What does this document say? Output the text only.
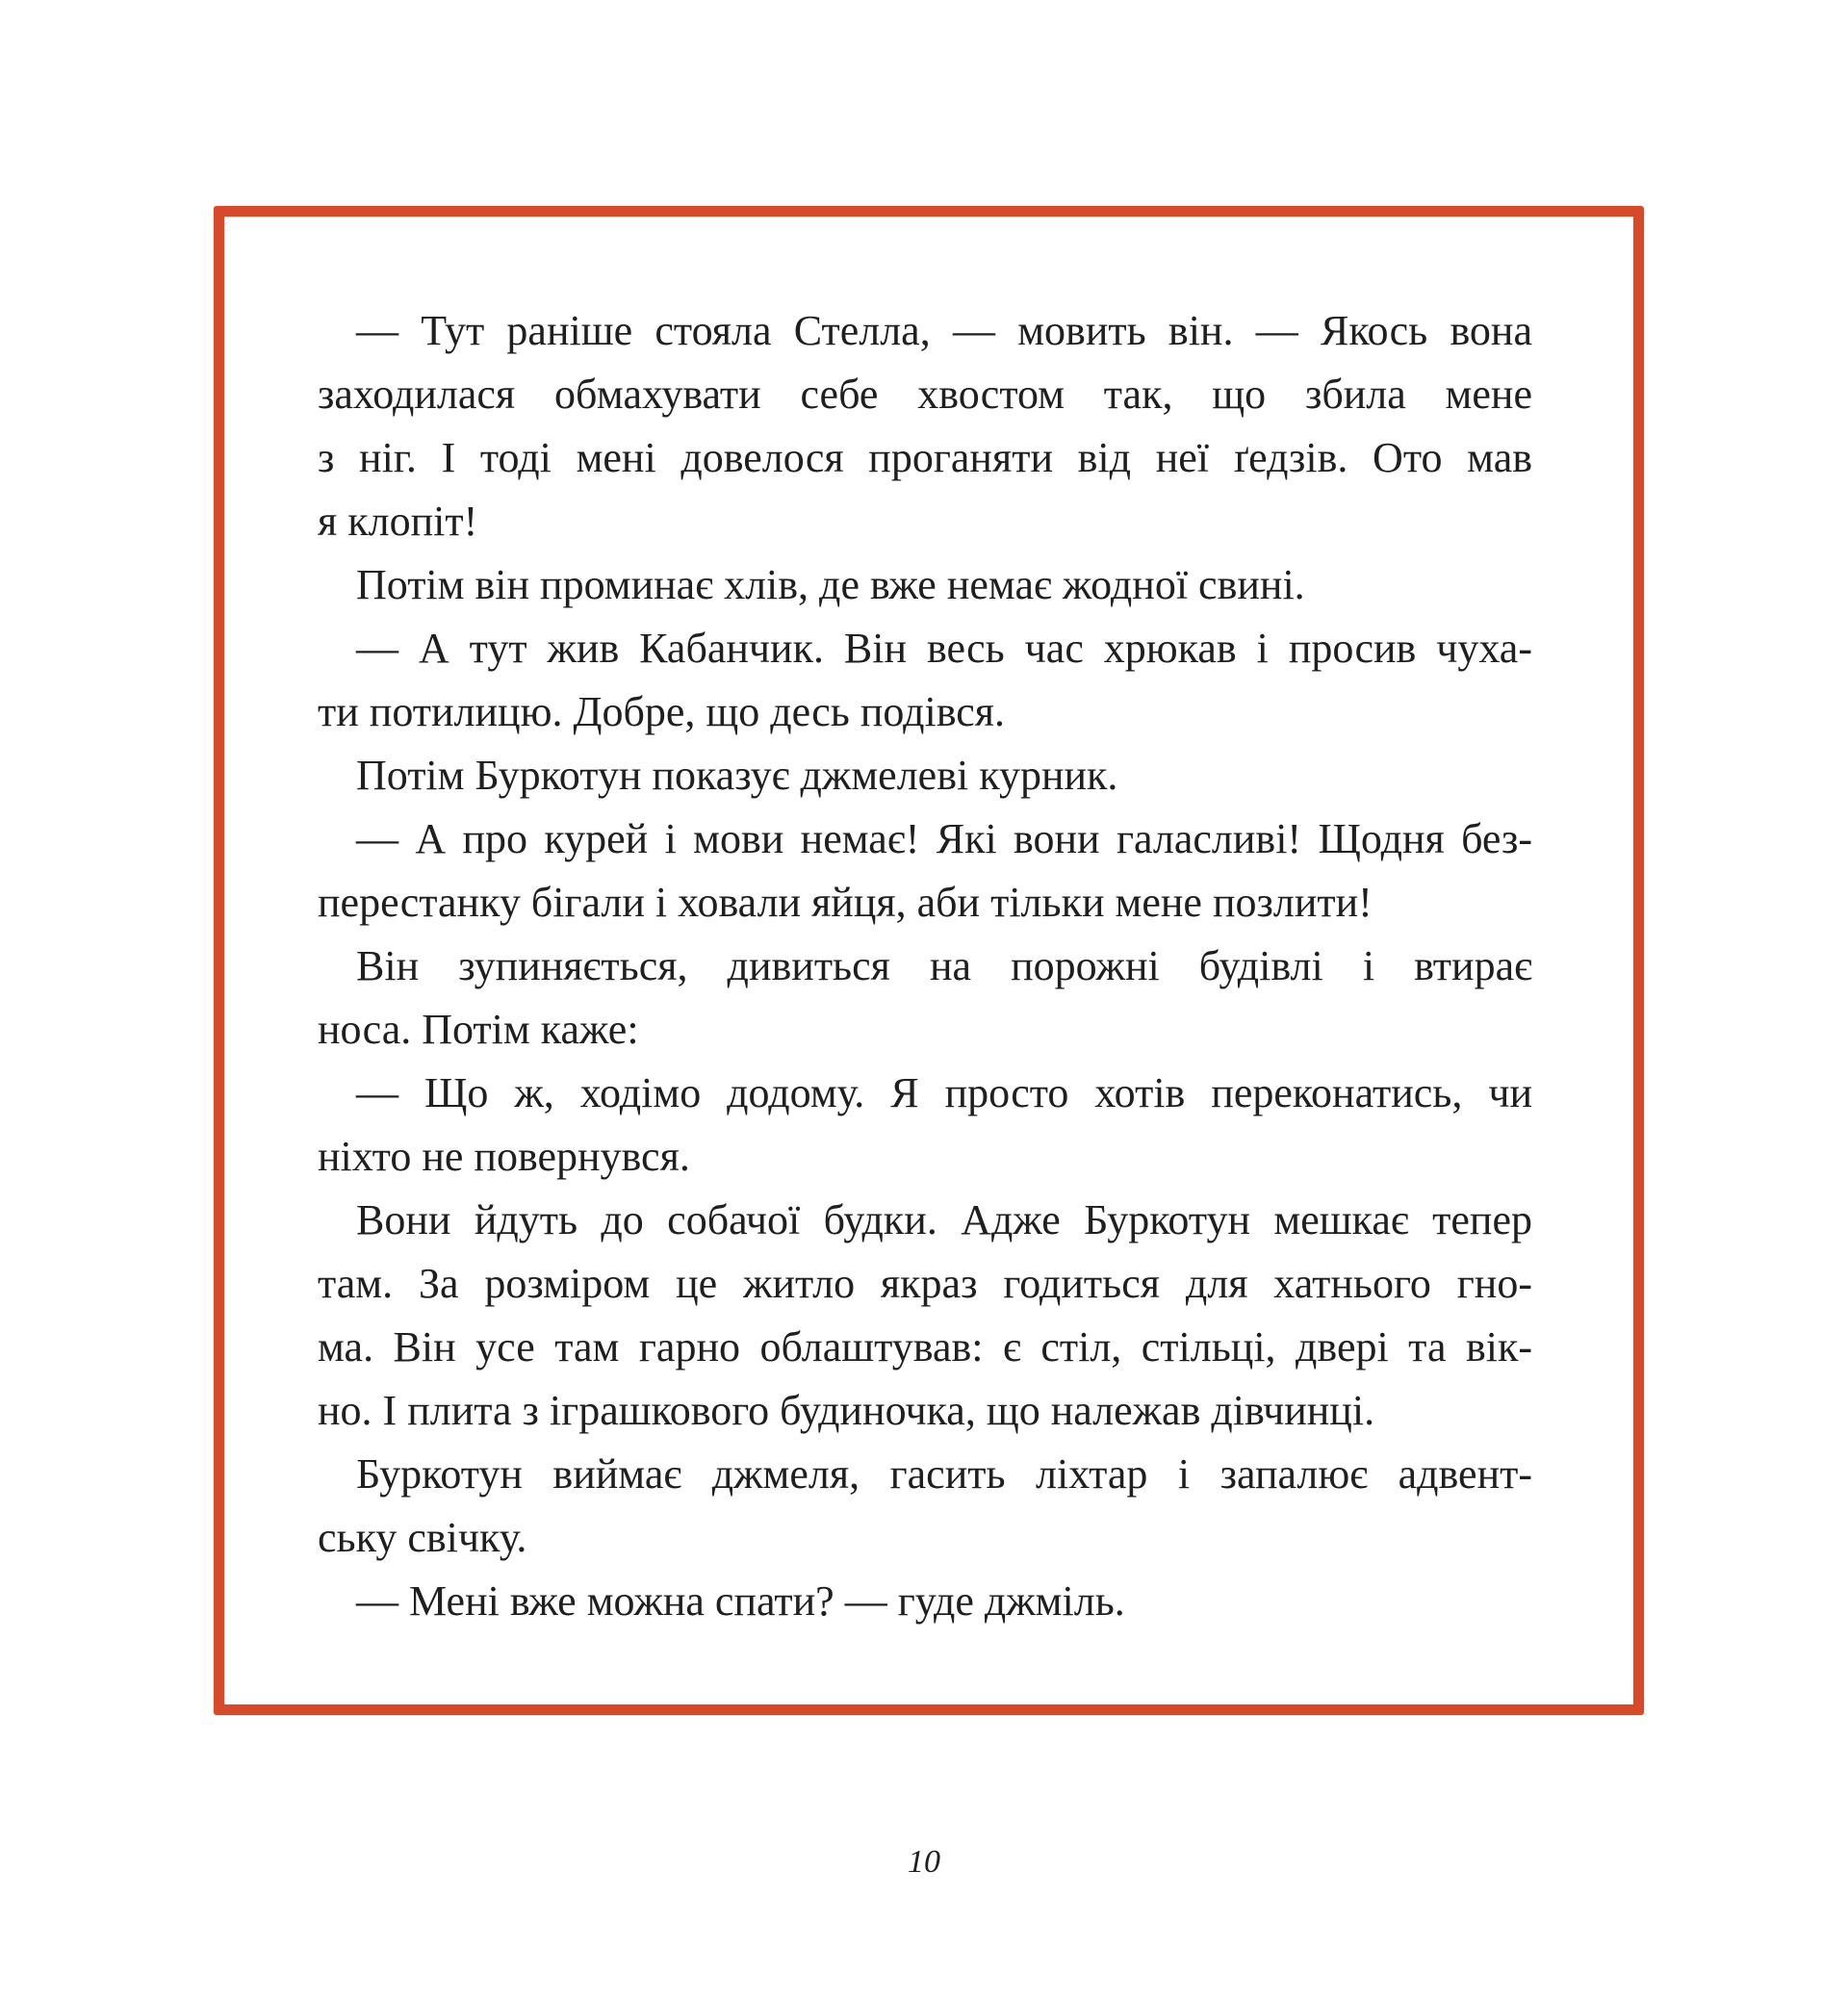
— Тут раніше стояла Стелла, — мовить він. — Якось вона
заходилася обмахувати себе хвостом так, що збила мене
з ніг. І тоді мені довелося проганяти від неї ґедзів. Ото мав
я клопіт!
Потім він проминає хлів, де вже немає жодної свині.
— А тут жив Кабанчик. Він весь час хрюкав і просив чуха-
ти потилицю. Добре, що десь подівся.
Потім Буркотун показує джмелеві курник.
— А про курей і мови немає! Які вони галасливі! Щодня без-
перестанку бігали і ховали яйця, аби тільки мене позлити!
Він зупиняється, дивиться на порожні будівлі і втирає
носа. Потім каже:
— Що ж, ходімо додому. Я просто хотів переконатись, чи
ніхто не повернувся.
Вони йдуть до собачої будки. Адже Буркотун мешкає тепер
там. За розміром це житло якраз годиться для хатнього гно-
ма. Він усе там гарно облаштував: є стіл, стільці, двері та вік-
но. І плита з іграшкового будиночка, що належав дівчинці.
Буркотун виймає джмеля, гасить ліхтар і запалює адвент-
ську свічку.
— Мені вже можна спати? — гуде джміль.
10
